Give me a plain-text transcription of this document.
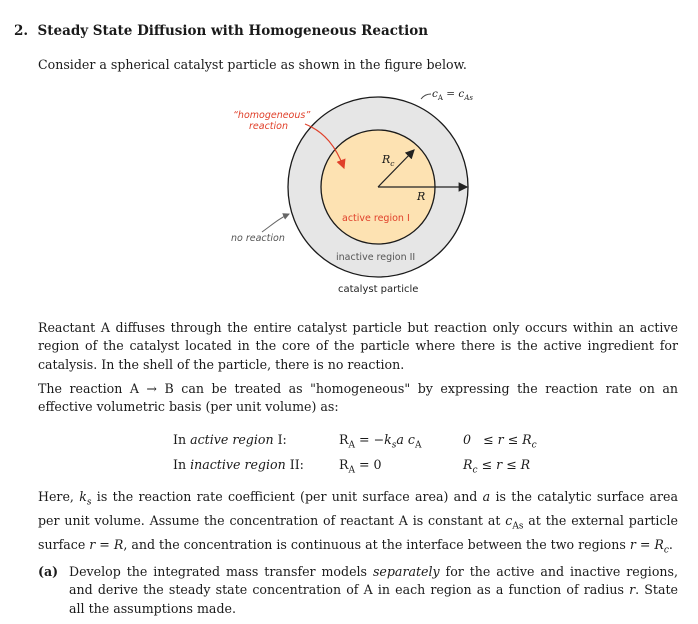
2. Steady State Diffusion with Homogeneous Reaction

Consider a spherical catalyst particle as shown in the figure below.

“homogeneous”
reaction
no reaction
$R_c$
R
$c_A = c_{As}$
active region I
inactive region II
catalyst particle

Reactant A diffuses through the entire catalyst particle but reaction only occurs within an active region of the catalyst located in the core of the particle where there is the active ingredient for catalysis. In the shell of the particle, there is no reaction.

The reaction A → B can be treated as "homogeneous" by expressing the reaction rate on an effective volumetric basis (per unit volume) as:

In active region I:	$R_A = -k_sa$ $c_A$	$0 \le r \le R_c$
In inactive region II:	$R_A = 0$	$R_c \le r \le R$

Here, $k_s$ is the reaction rate coefficient (per unit surface area) and a is the catalytic surface area per unit volume. Assume the concentration of reactant A is constant at $c_{As}$ at the external particle surface r = R, and the concentration is continuous at the interface between the two regions $r = R_c$.

(a) Develop the integrated mass transfer models separately for the active and inactive regions, and derive the steady state concentration of A in each region as a function of radius r. State all the assumptions made.
